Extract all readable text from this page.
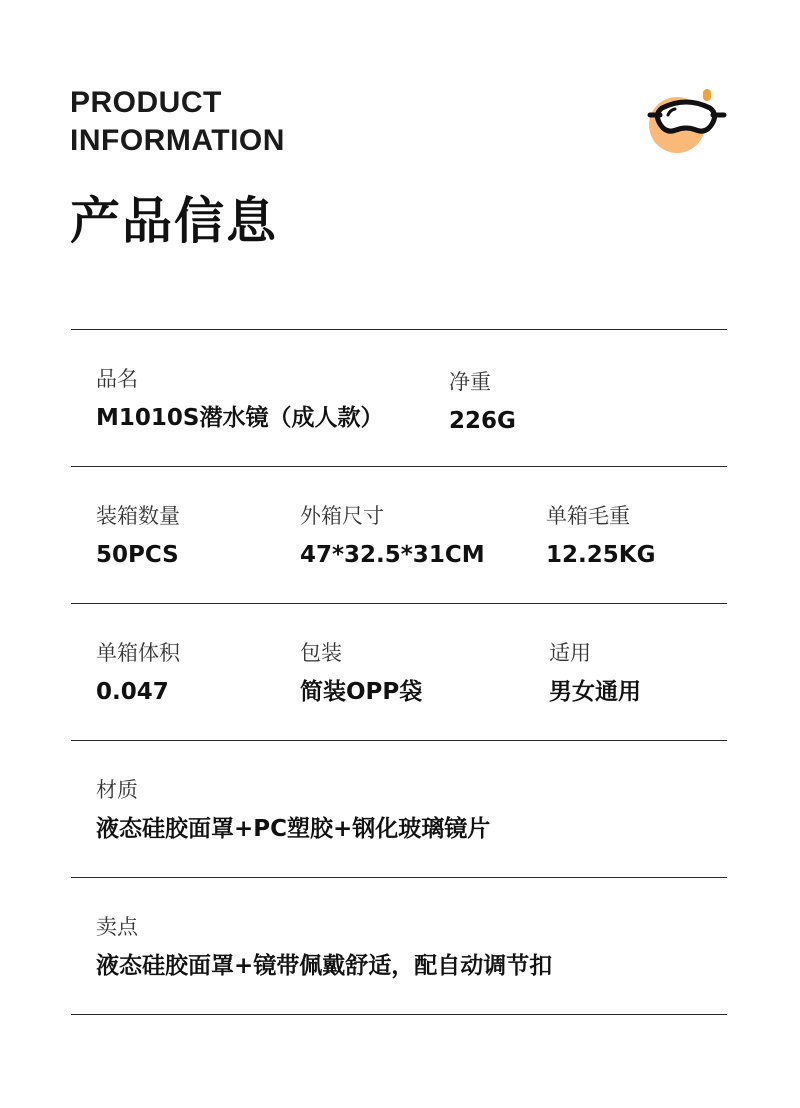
PRODUCT
INFORMATION
产品信息
品名
M1010S潜水镜（成人款）
净重
226G
装箱数量
50PCS
外箱尺寸
47*32.5*31CM
单箱毛重
12.25KG
单箱体积
0.047
包装
简装OPP袋
适用
男女通用
材质
液态硅胶面罩+PC塑胶+钢化玻璃镜片
卖点
液态硅胶面罩+镜带佩戴舒适，配自动调节扣
